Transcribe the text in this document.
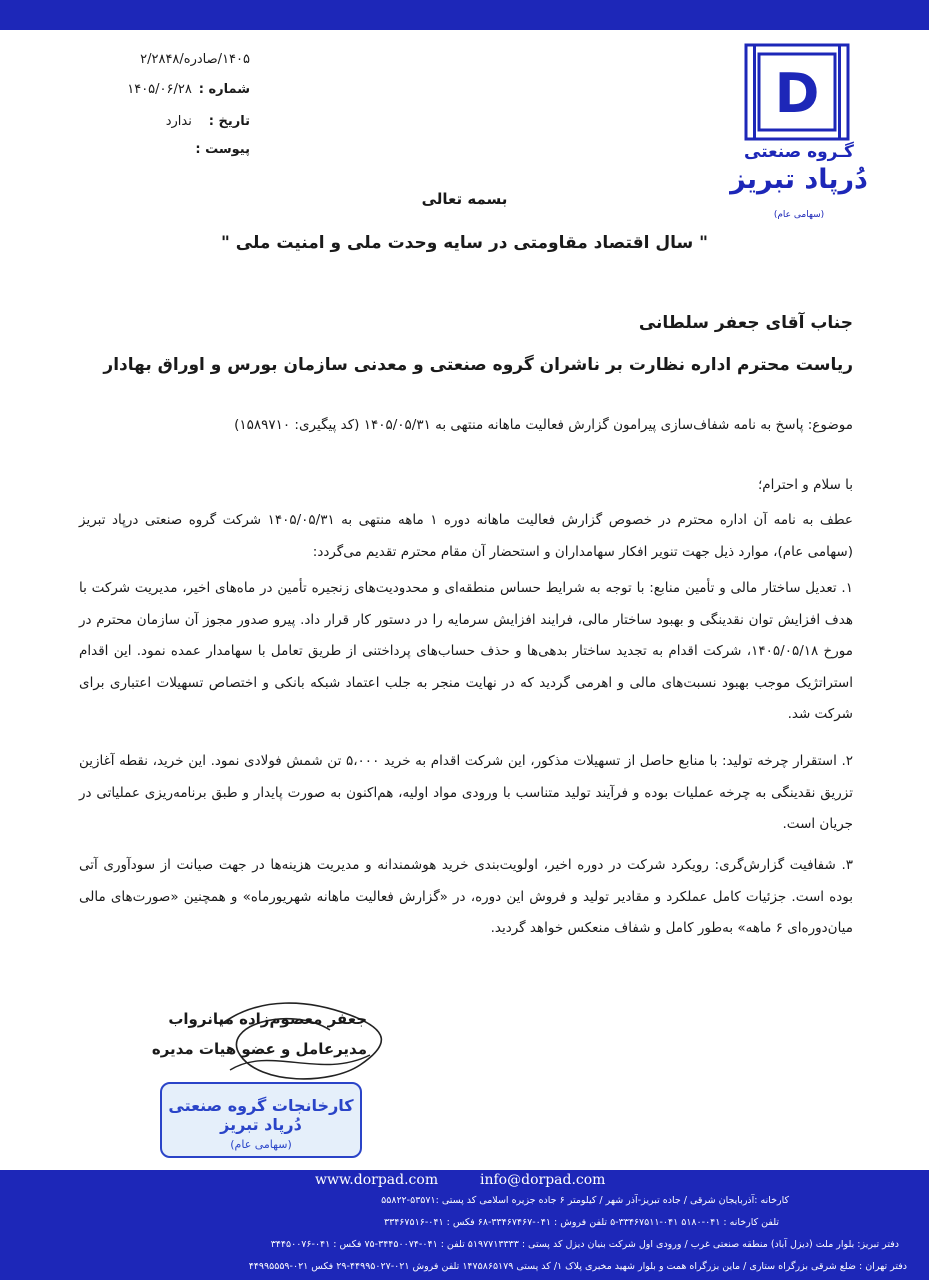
D
گـروه صنعتی
دُرپاد تبریز
(سهامی عام)
۱۴۰۵/صادره/۲/۲۸۴۸
شماره : ۱۴۰۵/۰۶/۲۸
تاریخ : ندارد
پیوست :
بسمه تعالی
" سال اقتصاد مقاومتی در سایه وحدت ملی و امنیت ملی "
جناب آقای جعفر سلطانی
ریاست محترم اداره نظارت بر ناشران گروه صنعتی و معدنی سازمان بورس و اوراق بهادار
موضوع: پاسخ به نامه شفاف‌سازی پیرامون گزارش فعالیت ماهانه منتهی به ۱۴۰۵/۰۵/۳۱ (کد پیگیری: ۱۵۸۹۷۱۰)
با سلام و احترام؛

عطف به نامه آن اداره محترم در خصوص گزارش فعالیت ماهانه دوره ۱ ماهه منتهی به ۱۴۰۵/۰۵/۳۱ شرکت گروه صنعتی درپاد تبریز (سهامی عام)، موارد ذیل جهت تنویر افکار سهامداران و استحضار آن مقام محترم تقدیم می‌گردد:

۱. تعدیل ساختار مالی و تأمین منابع: با توجه به شرایط حساس منطقه‌ای و محدودیت‌های زنجیره تأمین در ماه‌های اخیر، مدیریت شرکت با هدف افزایش توان نقدینگی و بهبود ساختار مالی، فرایند افزایش سرمایه را در دستور کار قرار داد. پیرو صدور مجوز آن سازمان محترم در مورخ ۱۴۰۵/۰۵/۱۸، شرکت اقدام به تجدید ساختار بدهی‌ها و حذف حساب‌های پرداختنی از طریق تعامل با سهامدار عمده نمود. این اقدام استراتژیک موجب بهبود نسبت‌های مالی و اهرمی گردید که در نهایت منجر به جلب اعتماد شبکه بانکی و اختصاص تسهیلات اعتباری برای شرکت شد.

۲. استقرار چرخه تولید: با منابع حاصل از تسهیلات مذکور، این شرکت اقدام به خرید ۵،۰۰۰ تن شمش فولادی نمود. این خرید، نقطه آغازین تزریق نقدینگی به چرخه عملیات بوده و فرآیند تولید متناسب با ورودی مواد اولیه، هم‌اکنون به صورت پایدار و طبق برنامه‌ریزی عملیاتی در جریان است.

۳. شفافیت گزارش‌گری: رویکرد شرکت در دوره اخیر، اولویت‌بندی خرید هوشمندانه و مدیریت هزینه‌ها در جهت صیانت از سودآوری آتی بوده است. جزئیات کامل عملکرد و مقادیر تولید و فروش این دوره، در «گزارش فعالیت ماهانه شهریورماه» و همچنین «صورت‌های مالی میان‌دوره‌ای ۶ ماهه» به‌طور کامل و شفاف منعکس خواهد گردید.

جعفر معصوم‌زاده میانرواب
مدیرعامل و عضو هیات مدیره
کارخانجات گروه صنعتی دُرپاد تبریز
(سهامی عام)
www.dorpad.com	info@dorpad.com
کارخانه :آذربایجان شرقی / جاده تبریز-آذر شهر / کیلومتر ۶ جاده جزیره اسلامی کد پستی :۵۳۵۷۱-۵۵۸۲۲
تلفن کارخانه : ۰۴۱-۵۱۸۰ ۰۴۱-۳۳۴۶۷۵۱۱-۵ تلفن فروش : ۰۴۱-۳۳۴۶۷۴۶۷-۶۸ فکس : ۰۴۱-۳۳۴۶۷۵۱۶
دفتر تبریز: بلوار ملت (دیزل آباد) منطقه صنعتی غرب / ورودی اول شرکت بنیان دیزل کد پستی : ۵۱۹۷۷۱۳۳۳۳ تلفن : ۰۴۱-۳۴۴۵۰۰۷۴-۷۵ فکس : ۰۴۱-۳۴۴۵۰۰۷۶
دفتر تهران : ضلع شرقی بزرگراه ستاری / ماین بزرگراه همت و بلوار شهید مخبری پلاک ۱/ کد پستی ۱۴۷۵۸۶۵۱۷۹ تلفن فروش ۰۲۱-۴۴۹۹۵۰۲۷-۲۹ فکس ۰۲۱-۴۴۹۹۵۵۵۹
